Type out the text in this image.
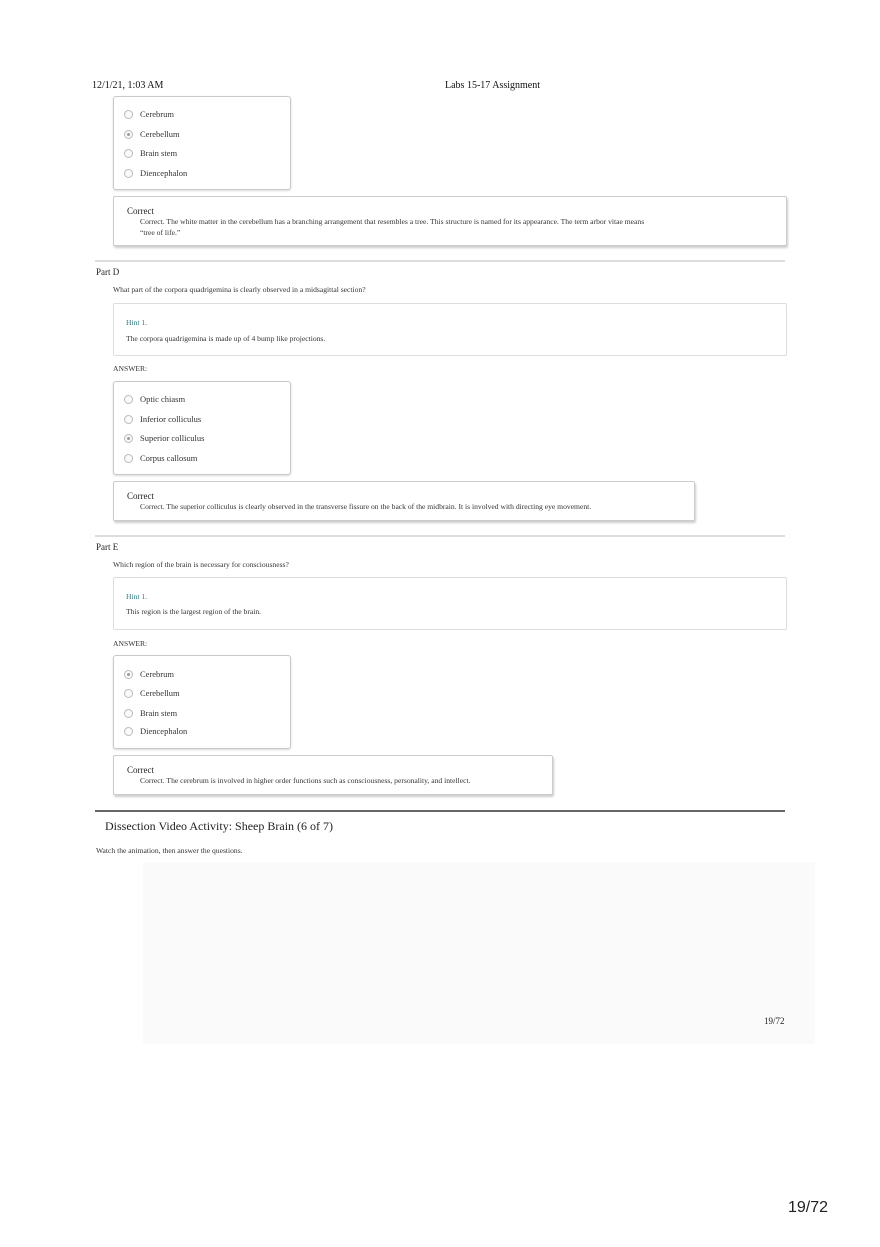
12/1/21, 1:03 AM	Labs 15-17 Assignment
Cerebrum
Cerebellum
Brain stem
Diencephalon
Correct
Correct. The white matter in the cerebellum has a branching arrangement that resembles a tree. This structure is named for its appearance. The term arbor vitae means
“tree of life.”
Part D
What part of the corpora quadrigemina is clearly observed in a midsagittal section?
Hint 1.
The corpora quadrigemina is made up of 4 bump like projections.
ANSWER:
Optic chiasm
Inferior colliculus
Superior colliculus
Corpus callosum
Correct
Correct. The superior colliculus is clearly observed in the transverse fissure on the back of the midbrain. It is involved with directing eye movement.
Part E
Which region of the brain is necessary for consciousness?
Hint 1.
This region is the largest region of the brain.
ANSWER:
Cerebrum
Cerebellum
Brain stem
Diencephalon
Correct
Correct. The cerebrum is involved in higher order functions such as consciousness, personality, and intellect.
Dissection Video Activity: Sheep Brain (6 of 7)
Watch the animation, then answer the questions.
19/72
19/72
